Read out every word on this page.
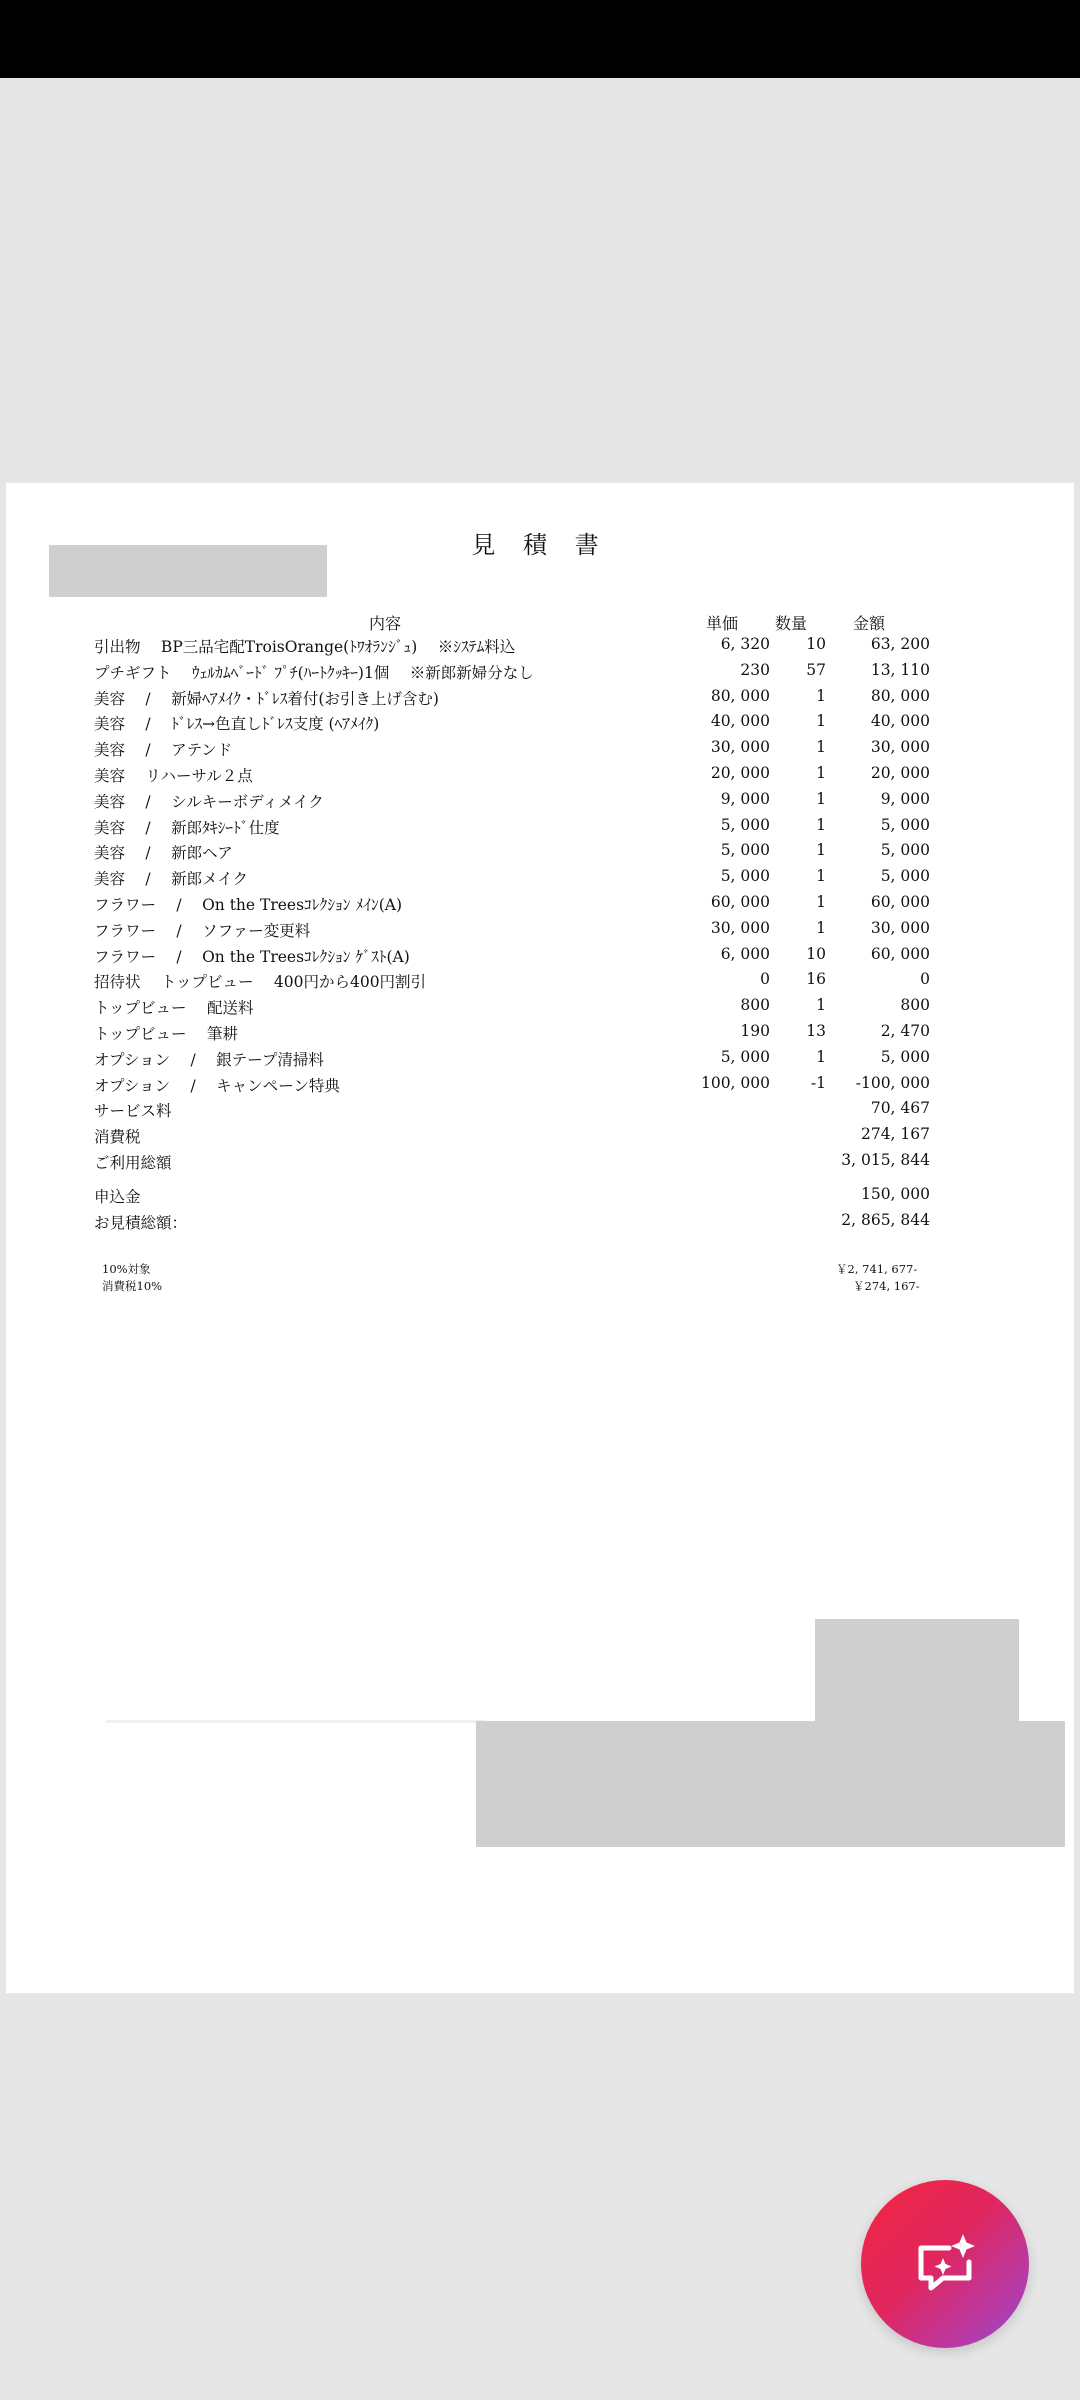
見 積 書
内容	単価 数量	金額
引出物　 BP三品宅配TroisOrange(ﾄﾜｵﾗﾝｼﾞｭ)　 ※ｼｽﾃﾑ料込	6, 320	10	63, 200
プチギフト　 ｳｪﾙｶﾑﾍﾞｰﾄﾞ ﾌﾟﾁ(ﾊｰﾄｸｯｷｰ)1個　 ※新郎新婦分なし	230	57	13, 110
美容　 /　 新婦ﾍｱﾒｲｸ・ﾄﾞﾚｽ着付(お引き上げ含む)	80, 000	1	80, 000
美容　 /　 ﾄﾞﾚｽ→色直しﾄﾞﾚｽ支度 (ﾍｱﾒｲｸ)	40, 000	1	40, 000
美容　 /　 アテンド	30, 000	1	30, 000
美容　 リハーサル２点	20, 000	1	20, 000
美容　 /　 シルキーボディメイク	9, 000	1	9, 000
美容　 /　 新郎ﾀｷｼｰﾄﾞ仕度	5, 000	1	5, 000
美容　 /　 新郎ヘア	5, 000	1	5, 000
美容　 /　 新郎メイク	5, 000	1	5, 000
フラワー　 /　 On the Treesｺﾚｸｼｮﾝ ﾒｲﾝ(A)	60, 000	1	60, 000
フラワー　 /　 ソファー変更料	30, 000	1	30, 000
フラワー　 /　 On the Treesｺﾚｸｼｮﾝ ｹﾞｽﾄ(A)	6, 000	10	60, 000
招待状　 トップビュー　 400円から400円割引	0	16	0
トップビュー　 配送料	800	1	800
トップビュー　 筆耕	190	13	2, 470
オプション　 /　 銀テープ清掃料	5, 000	1	5, 000
オプション　 /　 キャンペーン特典	100, 000	-1	-100, 000
サービス料	70, 467
消費税	274, 167
ご利用総額	3, 015, 844
申込金	150, 000
お見積総額：	2, 865, 844
10%対象	￥2, 741, 677-
消費税10%	￥274, 167-
